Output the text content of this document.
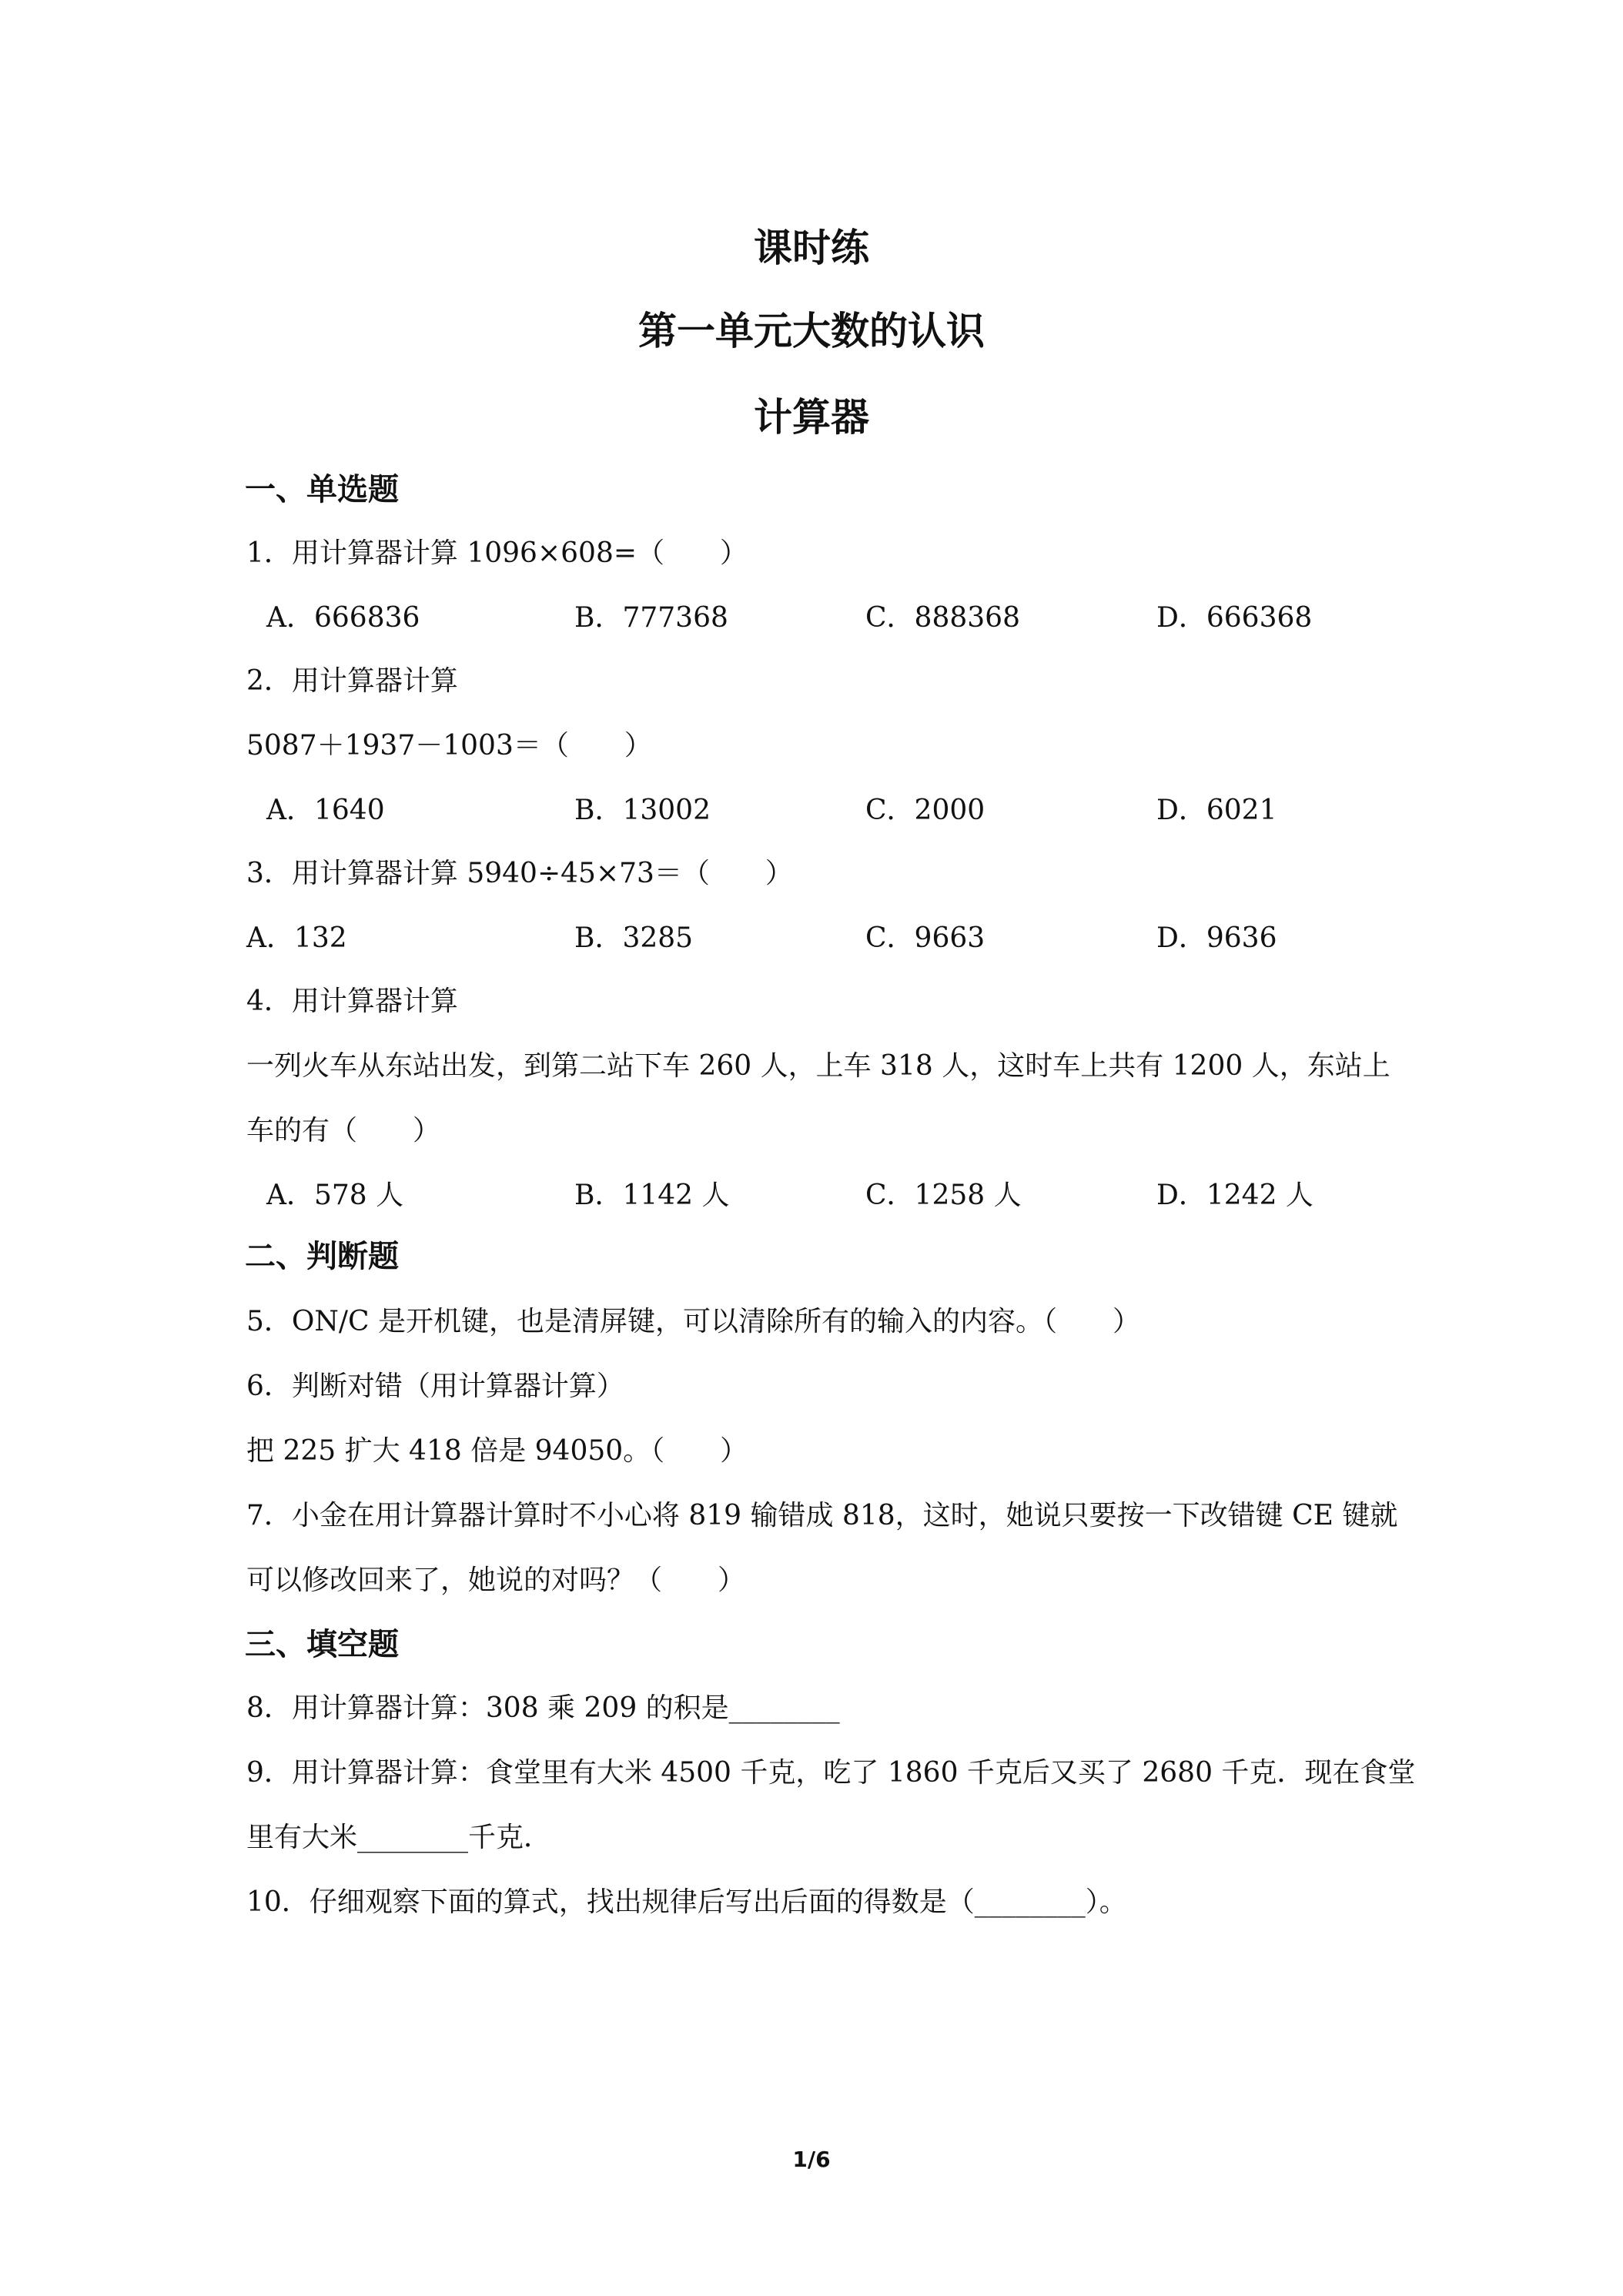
课时练
第一单元大数的认识
计算器
一、单选题
1．用计算器计算 1096×608=（　　）
A．666836	B．777368	C．888368	D．666368
2．用计算器计算
5087＋1937－1003＝（　　）
A．1640	B．13002	C．2000	D．6021
3．用计算器计算 5940÷45×73＝（　　）
A．132	B．3285	C．9663	D．9636
4．用计算器计算
一列火车从东站出发，到第二站下车 260 人，上车 318 人，这时车上共有 1200 人，东站上
车的有（　　）
A．578 人	B．1142 人	C．1258 人	D．1242 人
二、判断题
5．ON/C 是开机键，也是清屏键，可以清除所有的输入的内容。（　　）
6．判断对错（用计算器计算）
把 225 扩大 418 倍是 94050。（　　）
7．小金在用计算器计算时不小心将 819 输错成 818，这时，她说只要按一下改错键 CE 键就
可以修改回来了，她说的对吗？（　　）
三、填空题
8．用计算器计算：308 乘 209 的积是________
9．用计算器计算：食堂里有大米 4500 千克，吃了 1860 千克后又买了 2680 千克．现在食堂
里有大米________千克．
10．仔细观察下面的算式，找出规律后写出后面的得数是（________）。
1/6
